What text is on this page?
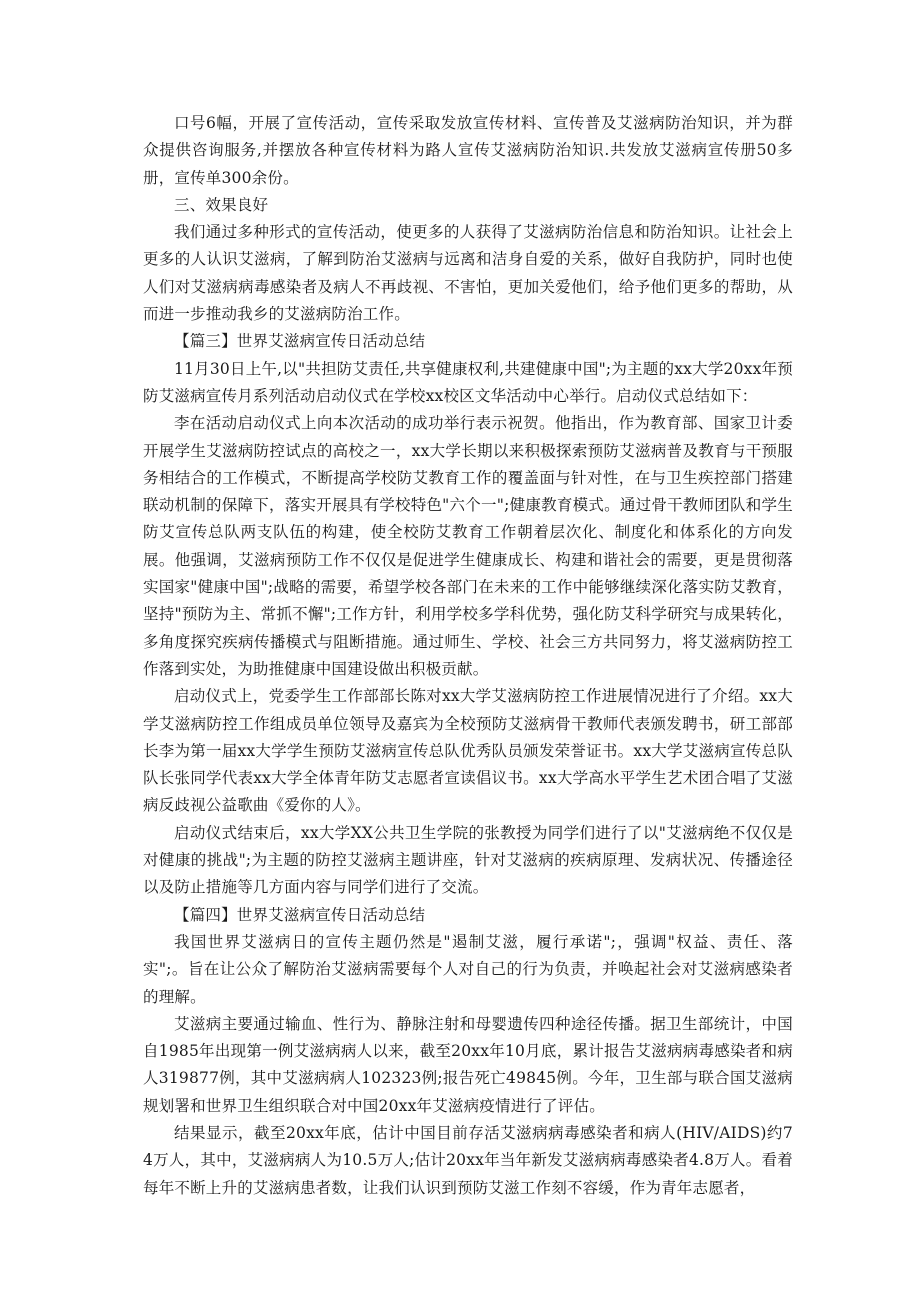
口号6幅，开展了宣传活动，宣传采取发放宣传材料、宣传普及艾滋病防治知识，并为群众提供咨询服务,并摆放各种宣传材料为路人宣传艾滋病防治知识.共发放艾滋病宣传册50多册，宣传单300余份。

三、效果良好

我们通过多种形式的宣传活动，使更多的人获得了艾滋病防治信息和防治知识。让社会上更多的人认识艾滋病，了解到防治艾滋病与远离和洁身自爱的关系，做好自我防护，同时也使人们对艾滋病病毒感染者及病人不再歧视、不害怕，更加关爱他们，给予他们更多的帮助，从而进一步推动我乡的艾滋病防治工作。

【篇三】世界艾滋病宣传日活动总结

11月30日上午,以"共担防艾责任,共享健康权利,共建健康中国";为主题的xx大学20xx年预防艾滋病宣传月系列活动启动仪式在学校xx校区文华活动中心举行。启动仪式总结如下：

李在活动启动仪式上向本次活动的成功举行表示祝贺。他指出，作为教育部、国家卫计委开展学生艾滋病防控试点的高校之一，xx大学长期以来积极探索预防艾滋病普及教育与干预服务相结合的工作模式，不断提高学校防艾教育工作的覆盖面与针对性，在与卫生疾控部门搭建联动机制的保障下，落实开展具有学校特色"六个一";健康教育模式。通过骨干教师团队和学生防艾宣传总队两支队伍的构建，使全校防艾教育工作朝着层次化、制度化和体系化的方向发展。他强调，艾滋病预防工作不仅仅是促进学生健康成长、构建和谐社会的需要，更是贯彻落实国家"健康中国";战略的需要，希望学校各部门在未来的工作中能够继续深化落实防艾教育，坚持"预防为主、常抓不懈";工作方针，利用学校多学科优势，强化防艾科学研究与成果转化，多角度探究疾病传播模式与阻断措施。通过师生、学校、社会三方共同努力，将艾滋病防控工作落到实处，为助推健康中国建设做出积极贡献。

启动仪式上，党委学生工作部部长陈对xx大学艾滋病防控工作进展情况进行了介绍。xx大学艾滋病防控工作组成员单位领导及嘉宾为全校预防艾滋病骨干教师代表颁发聘书，研工部部长李为第一届xx大学学生预防艾滋病宣传总队优秀队员颁发荣誉证书。xx大学艾滋病宣传总队队长张同学代表xx大学全体青年防艾志愿者宣读倡议书。xx大学高水平学生艺术团合唱了艾滋病反歧视公益歌曲《爱你的人》。

启动仪式结束后，xx大学XX公共卫生学院的张教授为同学们进行了以"艾滋病绝不仅仅是对健康的挑战";为主题的防控艾滋病主题讲座，针对艾滋病的疾病原理、发病状况、传播途径以及防止措施等几方面内容与同学们进行了交流。

【篇四】世界艾滋病宣传日活动总结

我国世界艾滋病日的宣传主题仍然是"遏制艾滋，履行承诺";，强调"权益、责任、落实";。旨在让公众了解防治艾滋病需要每个人对自己的行为负责，并唤起社会对艾滋病感染者的理解。

艾滋病主要通过输血、性行为、静脉注射和母婴遗传四种途径传播。据卫生部统计，中国自1985年出现第一例艾滋病病人以来，截至20xx年10月底，累计报告艾滋病病毒感染者和病人319877例，其中艾滋病病人102323例;报告死亡49845例。今年，卫生部与联合国艾滋病规划署和世界卫生组织联合对中国20xx年艾滋病疫情进行了评估。

结果显示，截至20xx年底，估计中国目前存活艾滋病病毒感染者和病人(HIV/AIDS)约74万人，其中，艾滋病病人为10.5万人;估计20xx年当年新发艾滋病病毒感染者4.8万人。看着每年不断上升的艾滋病患者数，让我们认识到预防艾滋工作刻不容缓，作为青年志愿者，
